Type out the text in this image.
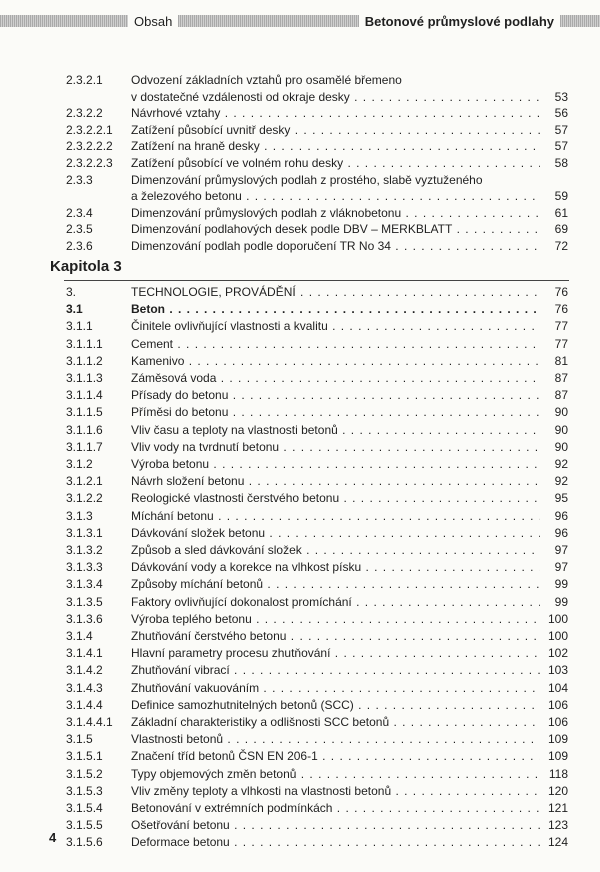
Obsah	Betonové průmyslové podlahy
2.3.2.1 Odvození základních vztahů pro osamělé břemeno
v dostatečné vzdálenosti od okraje desky . . .	53
2.3.2.2 Návrhové vztahy . . .	56
2.3.2.2.1 Zatížení působící uvnitř desky . . .	57
2.3.2.2.2 Zatížení na hraně desky . . .	57
2.3.2.2.3 Zatížení působící ve volném rohu desky . . .	58
2.3.3	Dimenzování průmyslových podlah z prostého, slabě vyztuženého
a železového betonu . . .	59
2.3.4	Dimenzování průmyslových podlah z vláknobetonu . . .	61
2.3.5	Dimenzování podlahových desek podle DBV – MERKBLATT . . .	69
2.3.6	Dimenzování podlah podle doporučení TR No 34 . . .	72
3.	TECHNOLOGIE, PROVÁDĚNÍ . . .	76
3.1	Beton . . .	76
3.1.1	Činitele ovlivňující vlastnosti a kvalitu . . .	77
3.1.1.1 Cement . . .	77
3.1.1.2 Kamenivo . . .	81
3.1.1.3 Záměsová voda . . .	87
3.1.1.4 Přísady do betonu . . .	87
3.1.1.5 Příměsi do betonu . . .	90
3.1.1.6 Vliv času a teploty na vlastnosti betonů . . .	90
3.1.1.7 Vliv vody na tvrdnutí betonu . . .	90
3.1.2	Výroba betonu . . .	92
3.1.2.1 Návrh složení betonu . . .	92
3.1.2.2 Reologické vlastnosti čerstvého betonu . . .	95
3.1.3	Míchání betonu . . .	96
3.1.3.1 Dávkování složek betonu . . .	96
3.1.3.2 Způsob a sled dávkování složek . . .	97
3.1.3.3 Dávkování vody a korekce na vlhkost písku . . .	97
3.1.3.4 Způsoby míchání betonů . . .	99
3.1.3.5 Faktory ovlivňující dokonalost promíchání . . .	99
3.1.3.6 Výroba teplého betonu . . .	100
3.1.4	Zhutňování čerstvého betonu . . .	100
3.1.4.1 Hlavní parametry procesu zhutňování . . .	102
3.1.4.2 Zhutňování vibrací . . .	103
3.1.4.3 Zhutňování vakuováním . . .	104
3.1.4.4 Definice samozhutnitelných betonů (SCC) . . .	106
3.1.4.4.1 Základní charakteristiky a odlišnosti SCC betonů . . .	106
3.1.5	Vlastnosti betonů . . .	109
3.1.5.1 Značení tříd betonů ČSN EN 206-1 . . .	109
3.1.5.2 Typy objemových změn betonů . . .	118
3.1.5.3 Vliv změny teploty a vlhkosti na vlastnosti betonů . . .	120
3.1.5.4 Betonování v extrémních podmínkách . . .	121
3.1.5.5 Ošetřování betonu . . .	123
3.1.5.6 Deformace betonu . . .	124
Kapitola 3
4
